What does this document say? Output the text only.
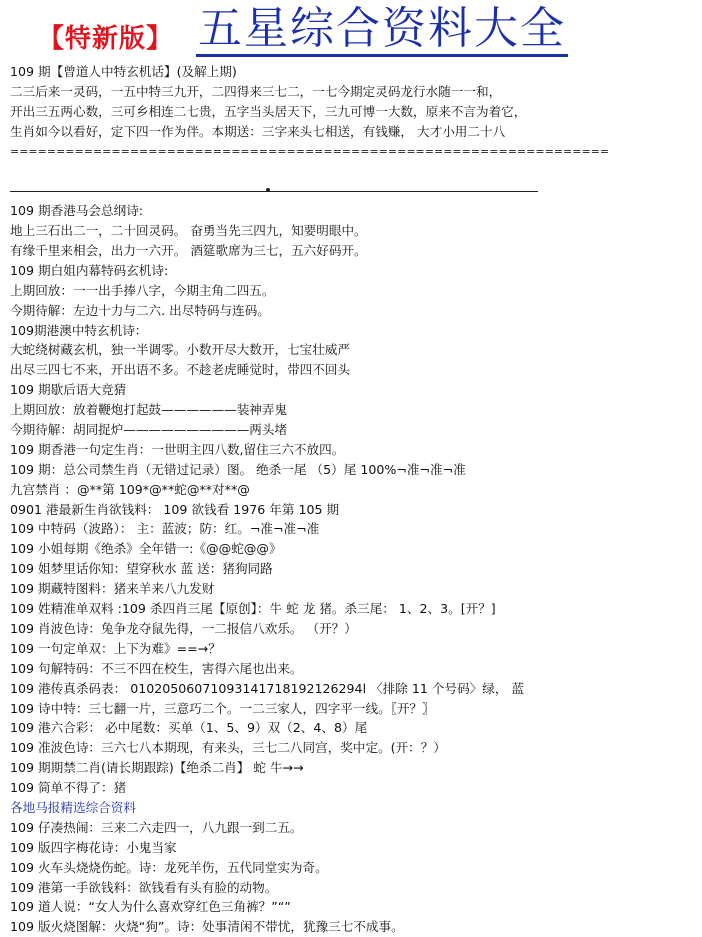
【特新版】 五星综合资料大全
109 期【曾道人中特玄机话】(及解上期)
二三后来一灵码，一五中特三九开，二四得来三七二，一七今期定灵码龙行水随一一和，
开出三五两心数，三可乡相连二七贵，五字当头居天下，三九可博一大数，原来不言为着它，
生肖如今以看好，定下四一作为伴。本期送：三字来头七相送，有钱赚， 大才小用二十八
=================================================================
109 期香港马会总纲诗:
地上三石出二一，二十回灵码。 奋勇当先三四九，知要明眼中。
有缘千里来相会，出力一六开。 酒筵歌席为三七，五六好码开。
109 期白姐内幕特码玄机诗:
上期回放：一一出手捧八字，今期主角二四五。
今期待解：左边十力与二六. 出尽特码与连码。
109期港澳中特玄机诗：
大蛇绕树藏玄机，独一半调零。小数开尽大数开，七宝壮威严
出尽三四七不来，开出语不多。不趁老虎睡觉时，带四不回头
109 期歇后语大竞猜
上期回放：放着鞭炮打起鼓——————装神弄鬼
今期待解：胡同捉炉——————————两头堵
109 期香港一句定生肖：一世明主四八数,留住三六不放四。
109 期：总公司禁生肖（无错过记录）图。 绝杀一尾 （5）尾 100%¬准¬准¬准
九宫禁肖 ：@**第 109*@**蛇@**对**@
0901 港最新生肖欲钱料： 109 欲钱看 1976 年第 105 期
109 中特码（波路）： 主：蓝波；防：红。¬准¬准¬准
109 小姐每期《绝杀》全年错一:《@@蛇@@》
109 姐梦里话你知：望穿秋水 蓝 送：猪狗同路
109 期藏特图料：猪来羊来八九发财
109 姓精准单双料 :109 杀四肖三尾【原创】：牛 蛇 龙 猪。杀三尾： 1、2、3。[开？]
109 肖波色诗：兔争龙夺鼠先得，一二报信八欢乐。 （开？）
109 一句定单双：上下为难》==→？
109 句解特码：不三不四在校生，害得六尾也出来。
109 港传真杀码表： 01020506071093141718192126294l 〈排除 11 个号码〉绿， 蓝
109 诗中特：三七翻一片，三意巧二个。一二三家人，四字平一线。〖开？〗
109 港六合彩： 必中尾数：买单（1、5、9）双（2、4、8）尾
109 准波色诗：三六七八本期现，有来头，三七二八同宫，奖中定。(开：？）
109 期期禁二肖(请长期跟踪)【绝杀二肖】 蛇 牛→→
109 简单不得了：猪
各地马报精选综合资料
109 仔凑热闹：三来二六走四一，八九跟一到二五。
109 版四字梅花诗：小鬼当家
109 火车头烧烧伤蛇。诗：龙死羊伤，五代同堂实为奇。
109 港第一手欲钱料：欲钱看有头有脸的动物。
109 道人说：“女人为什么喜欢穿红色三角裤？”“”
109 版火烧图解：火烧“狗”。诗：处事清闲不带忧，犹豫三七不成事。
